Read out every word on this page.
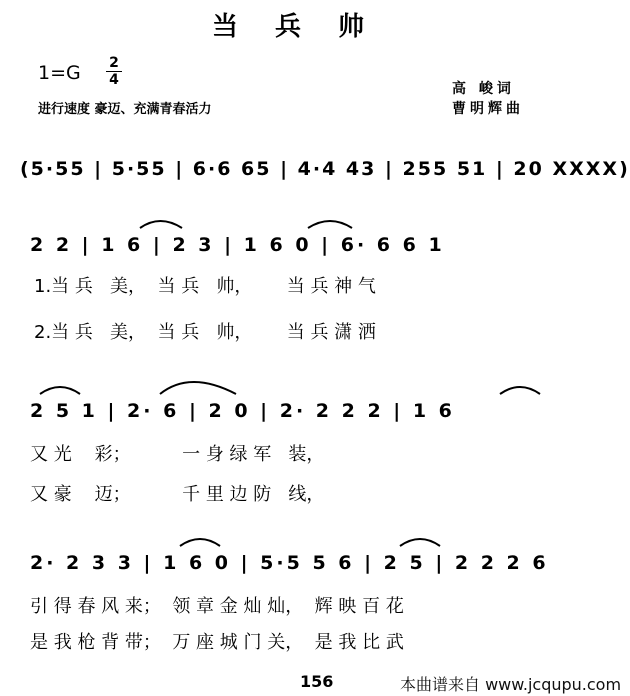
当 兵 帅
1=G 2
4
进行速度 豪迈、充满青春活力
高 峻词
曹明辉曲
(5·55 | 5·55 | 6·6 65 | 4·4 43 | 255 51 | 20 XXXX)
2 2 | 1 6 | 2 3 | 1 6 0 | 6· 6 6 1
1.当 兵   美，  当 兵   帅，      当 兵 神 气
2.当 兵   美，  当 兵   帅，      当 兵 潇 洒
2 5 1 | 2· 6 | 2 0 | 2· 2 2 2 | 1 6
又 光    彩；         一 身 绿 军   装，
又 豪    迈；         千 里 边 防   线，
2· 2 3 3 | 1 6 0 | 5·5 5 6 | 2 5 | 2 2 2 6
引 得 春 风 来；  领 章 金 灿 灿，  辉 映 百 花
是 我 枪 背 带；  万 座 城 门 关，  是 我 比 武
156	本曲谱来自 www.jcqupu.com
